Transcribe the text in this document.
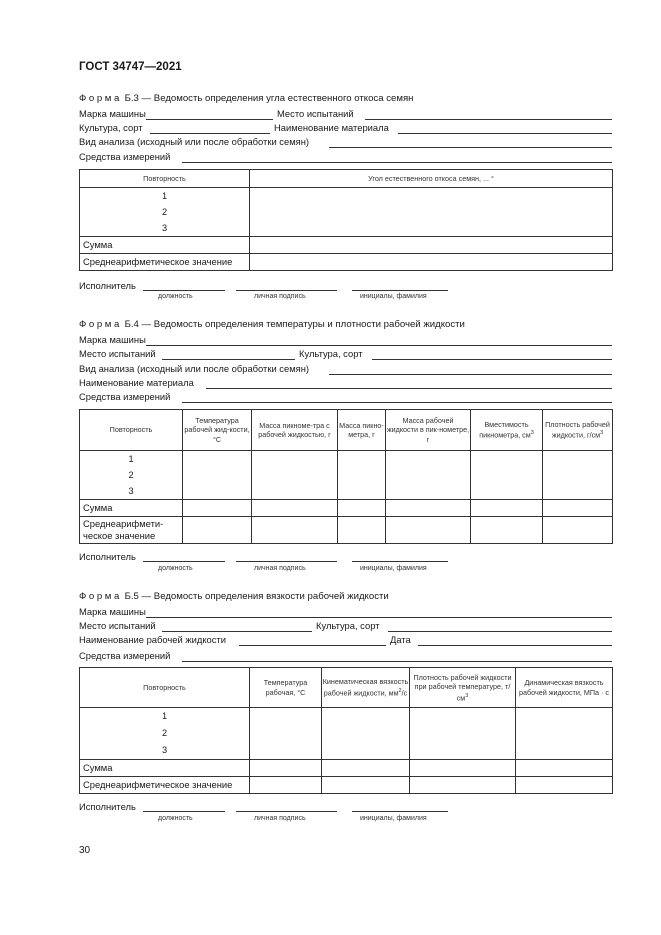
ГОСТ 34747—2021
Форма Б.3 — Ведомость определения угла естественного откоса семян
Марка машины	Место испытаний
Культура, сорт	Наименование материала
Вид анализа (исходный или после обработки семян)
Средства измерений
Повторность	Угол естественного откоса семян, ... °

1
2
3	

Сумма	
Среднеарифметическое значение	
Исполнитель
должность	личная подпись	инициалы, фамилия
Форма Б.4 — Ведомость определения температуры и плотности рабочей жидкости
Марка машины
Место испытаний	Культура, сорт
Вид анализа (исходный или после обработки семян)
Наименование материала
Средства измерений
Повторность	Температура рабочей жид-кости, °С	Масса пикноме-тра с рабочей жидкостью, г	Масса пикно-метра, г	Масса рабочей жидкости в пик-нометре, г	Вместимость пикнометра, $см^3$	Плотность рабочей жидкости, $г/см^3$

1
2
3						

Сумма						

Среднеарифмети-
ческое значение						

Исполнитель
должность	личная подпись	инициалы, фамилия
Форма Б.5 — Ведомость определения вязкости рабочей жидкости
Марка машины
Место испытаний	Культура, сорт
Наименование рабочей жидкости	Дата
Средства измерений
Повторность	Температура рабочая, °С	Кинематическая вязкость рабочей жидкости, $мм^2/с$	Плотность рабочей жидкости при рабочей температуре, $т/см^3$	Динамическая вязкость рабочей жидкости, МПа · с

1
2
3				

Сумма				
Среднеарифметическое значение				
Исполнитель
должность	личная подпись	инициалы, фамилия
30
